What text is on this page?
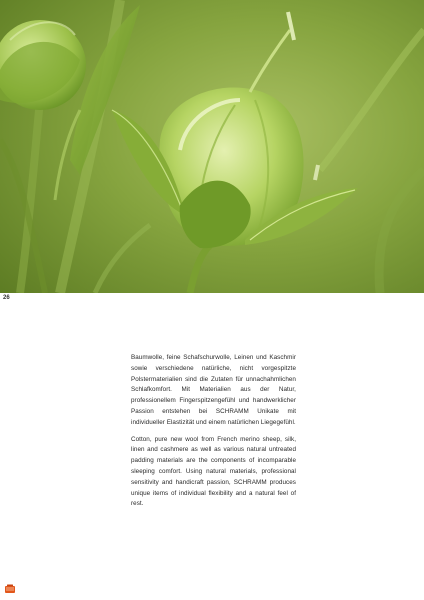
26

Baumwolle, feine Schafschurwolle, Leinen und Kaschmir sowie verschiedene natürliche, nicht vorgespitzte Polstermaterialien sind die Zutaten für unnachahmlichen Schlafkomfort. Mit Materialien aus der Natur, professionellem Fingerspitzengefühl und handwerklicher Passion entstehen bei SCHRAMM Unikate mit individueller Elastizität und einem natürlichen Liegegefühl.

Cotton, pure new wool from French merino sheep, silk, linen and cashmere as well as various natural untreated padding materials are the components of incomparable sleeping comfort. Using natural materials, professional sensitivity and handicraft passion, SCHRAMM produces unique items of individual flexibility and a natural feel of rest.
